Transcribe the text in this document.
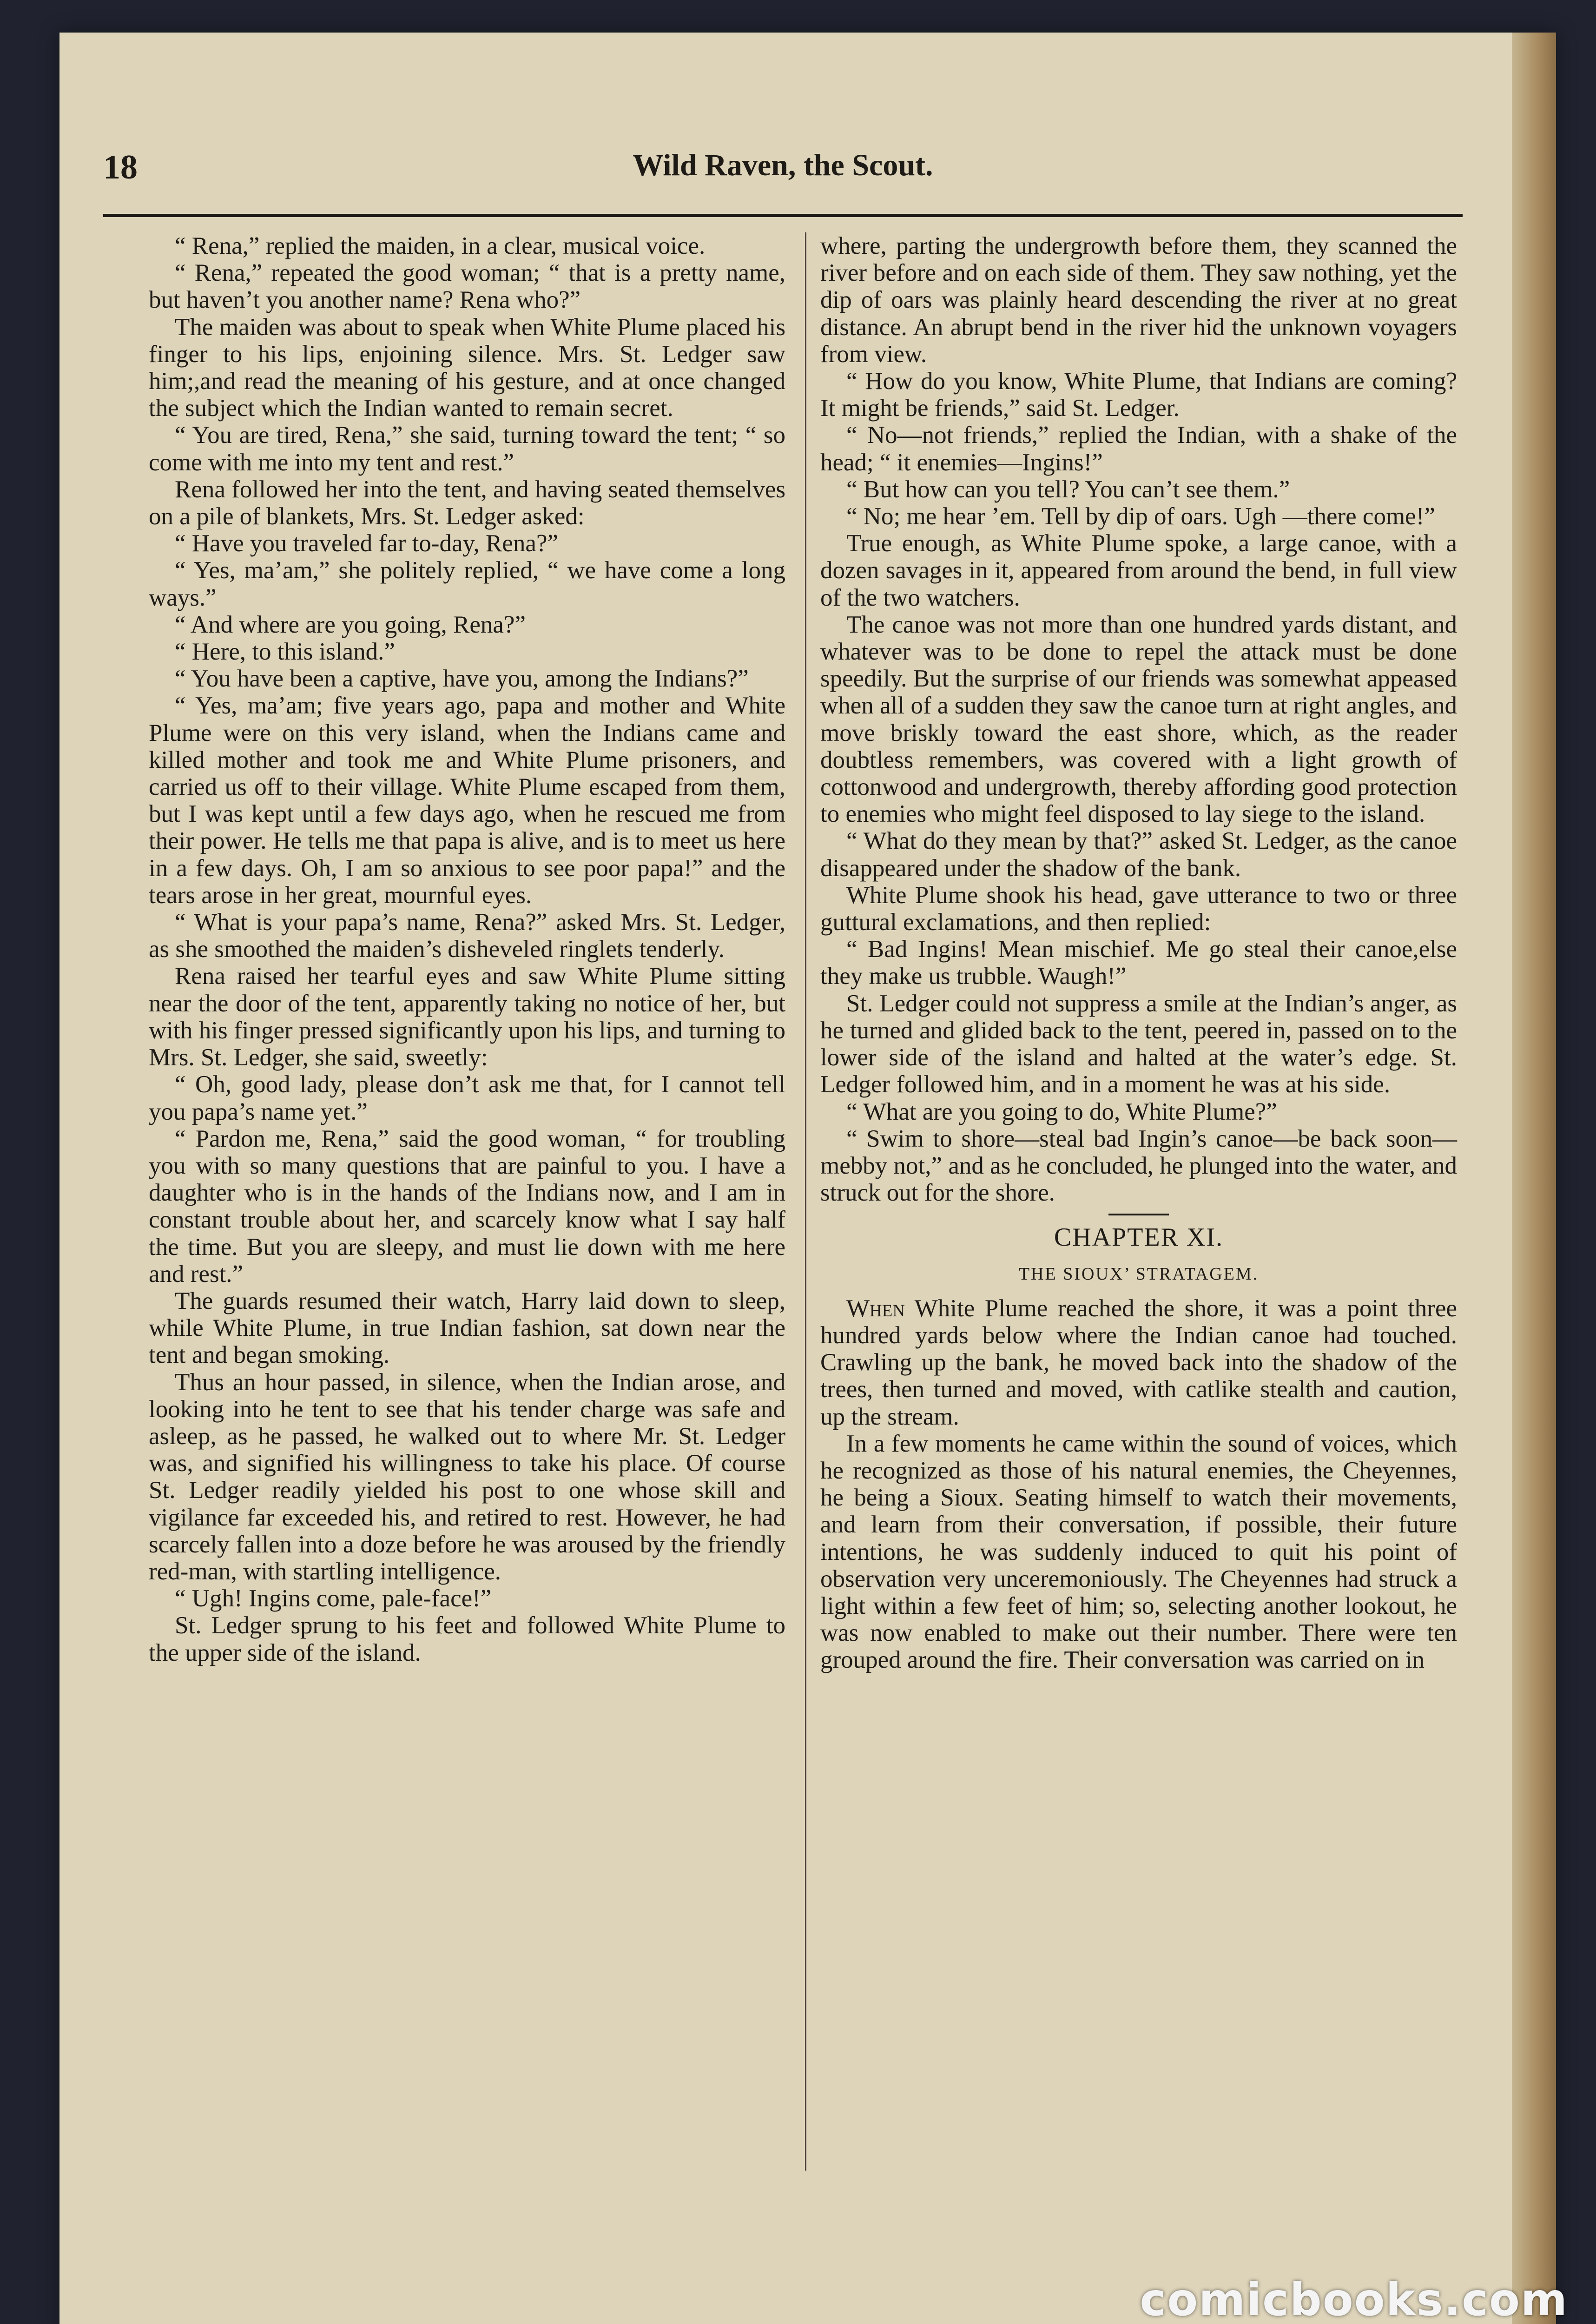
18	Wild Raven, the Scout.

“ Rena,” replied the maiden, in a clear, musical voice.

“ Rena,” repeated the good woman; “ that is a pretty name, but haven’t you another name? Rena who?”

The maiden was about to speak when White Plume placed his finger to his lips, enjoining silence. Mrs. St. Ledger saw him;,and read the meaning of his gesture, and at once changed the subject which the Indian wanted to remain secret.

“ You are tired, Rena,” she said, turning toward the tent; “ so come with me into my tent and rest.”

Rena followed her into the tent, and having seated themselves on a pile of blankets, Mrs. St. Ledger asked:

“ Have you traveled far to-day, Rena?”

“ Yes, ma’am,” she politely replied, “ we have come a long ways.”

“ And where are you going, Rena?”

“ Here, to this island.”

“ You have been a captive, have you, among the Indians?”

“ Yes, ma’am; five years ago, papa and mother and White Plume were on this very island, when the Indians came and killed mother and took me and White Plume prisoners, and carried us off to their village. White Plume escaped from them, but I was kept until a few days ago, when he rescued me from their power. He tells me that papa is alive, and is to meet us here in a few days. Oh, I am so anxious to see poor papa!” and the tears arose in her great, mournful eyes.

“ What is your papa’s name, Rena?” asked Mrs. St. Ledger, as she smoothed the maiden’s disheveled ringlets tenderly.

Rena raised her tearful eyes and saw White Plume sitting near the door of the tent, apparently taking no notice of her, but with his finger pressed significantly upon his lips, and turning to Mrs. St. Ledger, she said, sweetly:

“ Oh, good lady, please don’t ask me that, for I cannot tell you papa’s name yet.”

“ Pardon me, Rena,” said the good woman, “ for troubling you with so many questions that are painful to you. I have a daughter who is in the hands of the Indians now, and I am in constant trouble about her, and scarcely know what I say half the time. But you are sleepy, and must lie down with me here and rest.”

The guards resumed their watch, Harry laid down to sleep, while White Plume, in true Indian fashion, sat down near the tent and began smoking.

Thus an hour passed, in silence, when the Indian arose, and looking into he tent to see that his tender charge was safe and asleep, as he passed, he walked out to where Mr. St. Ledger was, and signified his willingness to take his place. Of course St. Ledger readily yielded his post to one whose skill and vigilance far exceeded his, and retired to rest. However, he had scarcely fallen into a doze before he was aroused by the friendly red-man, with startling intelligence.

“ Ugh! Ingins come, pale-face!”

St. Ledger sprung to his feet and followed White Plume to the upper side of the island.

where, parting the undergrowth before them, they scanned the river before and on each side of them. They saw nothing, yet the dip of oars was plainly heard descending the river at no great distance. An abrupt bend in the river hid the unknown voyagers from view.

“ How do you know, White Plume, that Indians are coming? It might be friends,” said St. Ledger.

“ No—not friends,” replied the Indian, with a shake of the head; “ it enemies—Ingins!”

“ But how can you tell? You can’t see them.”

“ No; me hear ’em. Tell by dip of oars. Ugh —there come!”

True enough, as White Plume spoke, a large canoe, with a dozen savages in it, appeared from around the bend, in full view of the two watchers.

The canoe was not more than one hundred yards distant, and whatever was to be done to repel the attack must be done speedily. But the surprise of our friends was somewhat appeased when all of a sudden they saw the canoe turn at right angles, and move briskly toward the east shore, which, as the reader doubtless remembers, was covered with a light growth of cottonwood and undergrowth, thereby affording good protection to enemies who might feel disposed to lay siege to the island.

“ What do they mean by that?” asked St. Ledger, as the canoe disappeared under the shadow of the bank.

White Plume shook his head, gave utterance to two or three guttural exclamations, and then replied:

“ Bad Ingins! Mean mischief. Me go steal their canoe,else they make us trubble. Waugh!”

St. Ledger could not suppress a smile at the Indian’s anger, as he turned and glided back to the tent, peered in, passed on to the lower side of the island and halted at the water’s edge. St. Ledger followed him, and in a moment he was at his side.

“ What are you going to do, White Plume?”

“ Swim to shore—steal bad Ingin’s canoe—be back soon—mebby not,” and as he concluded, he plunged into the water, and struck out for the shore.

CHAPTER XI.
THE SIOUX’ STRATAGEM.

When White Plume reached the shore, it was a point three hundred yards below where the Indian canoe had touched. Crawling up the bank, he moved back into the shadow of the trees, then turned and moved, with catlike stealth and caution, up the stream.

In a few moments he came within the sound of voices, which he recognized as those of his natural enemies, the Cheyennes, he being a Sioux. Seating himself to watch their movements, and learn from their conversation, if possible, their future intentions, he was suddenly induced to quit his point of observation very unceremoniously. The Cheyennes had struck a light within a few feet of him; so, selecting another lookout, he was now enabled to make out their number. There were ten grouped around the fire. Their conversation was carried on in

comicbooks.com
